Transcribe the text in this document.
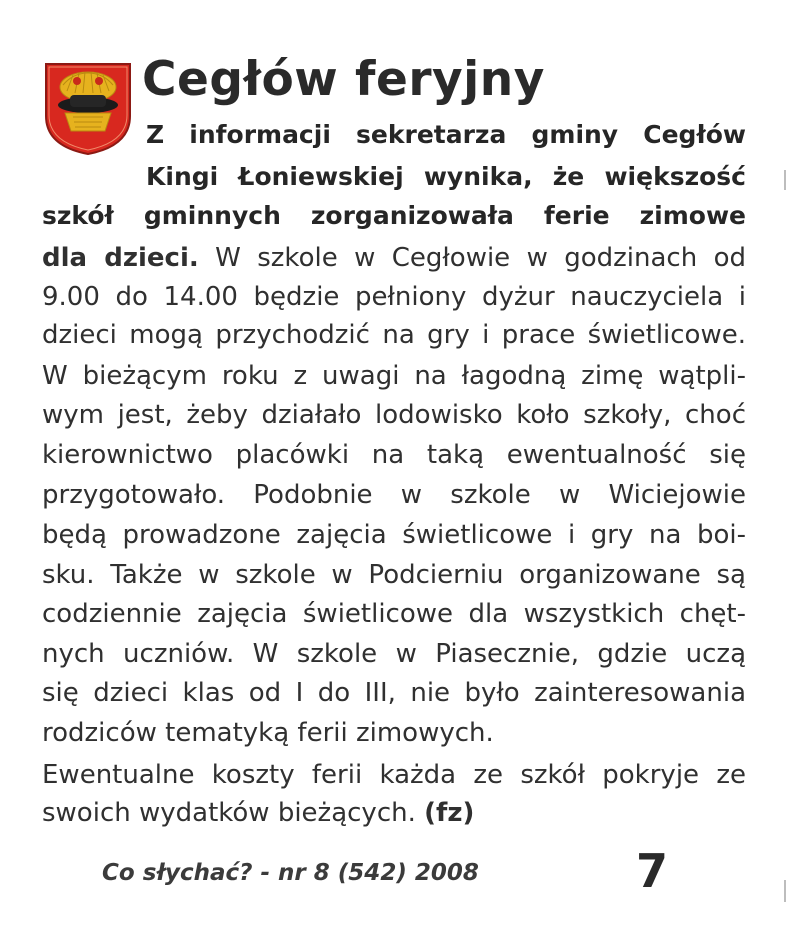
Cegłów feryjny
Z informacji sekretarza gminy Cegłów
Kingi Łoniewskiej wynika, że większość
szkół gminnych zorganizowała ferie zimowe
dla dzieci. W szkole w Cegłowie w godzinach od
9.00 do 14.00 będzie pełniony dyżur nauczyciela i
dzieci mogą przychodzić na gry i prace świetlicowe.
W bieżącym roku z uwagi na łagodną zimę wątpli-
wym jest, żeby działało lodowisko koło szkoły, choć
kierownictwo placówki na taką ewentualność się
przygotowało. Podobnie w szkole w Wiciejowie
będą prowadzone zajęcia świetlicowe i gry na boi-
sku. Także w szkole w Podcierniu organizowane są
codziennie zajęcia świetlicowe dla wszystkich chęt-
nych uczniów. W szkole w Piasecznie, gdzie uczą
się dzieci klas od I do III, nie było zainteresowania
rodziców tematyką ferii zimowych.
Ewentualne koszty ferii każda ze szkół pokryje ze
swoich wydatków bieżących. (fz)
Co słychać? - nr 8 (542) 2008	7
